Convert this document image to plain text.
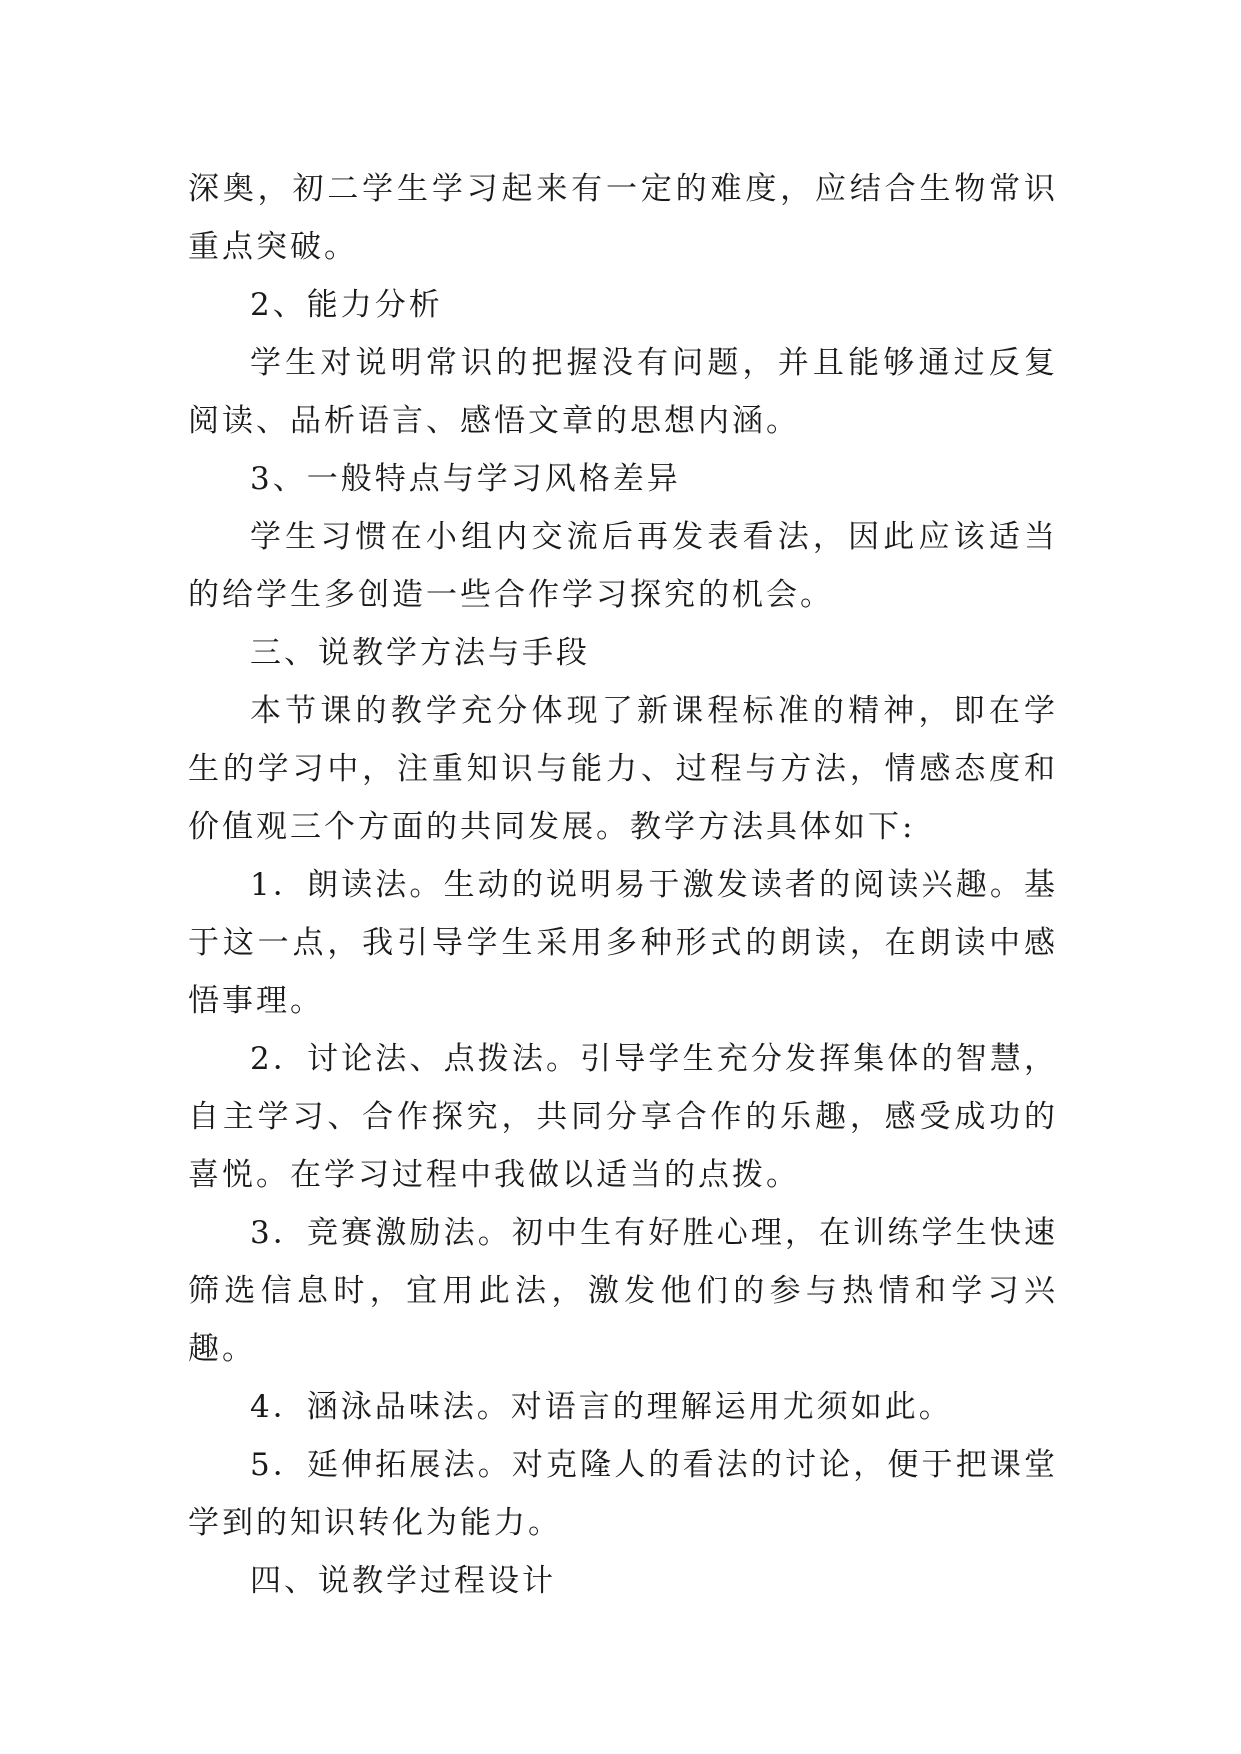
深奥，初二学生学习起来有一定的难度，应结合生物常识重点突破。

2、能力分析

学生对说明常识的把握没有问题，并且能够通过反复阅读、品析语言、感悟文章的思想内涵。

3、一般特点与学习风格差异

学生习惯在小组内交流后再发表看法，因此应该适当的给学生多创造一些合作学习探究的机会。

三、说教学方法与手段

本节课的教学充分体现了新课程标准的精神，即在学生的学习中，注重知识与能力、过程与方法，情感态度和价值观三个方面的共同发展。教学方法具体如下:

1．朗读法。生动的说明易于激发读者的阅读兴趣。基于这一点，我引导学生采用多种形式的朗读，在朗读中感悟事理。

2．讨论法、点拨法。引导学生充分发挥集体的智慧，自主学习、合作探究，共同分享合作的乐趣，感受成功的喜悦。在学习过程中我做以适当的点拨。

3．竞赛激励法。初中生有好胜心理，在训练学生快速筛选信息时，宜用此法，激发他们的参与热情和学习兴趣。

4．涵泳品味法。对语言的理解运用尤须如此。

5．延伸拓展法。对克隆人的看法的讨论，便于把课堂学到的知识转化为能力。

四、说教学过程设计
